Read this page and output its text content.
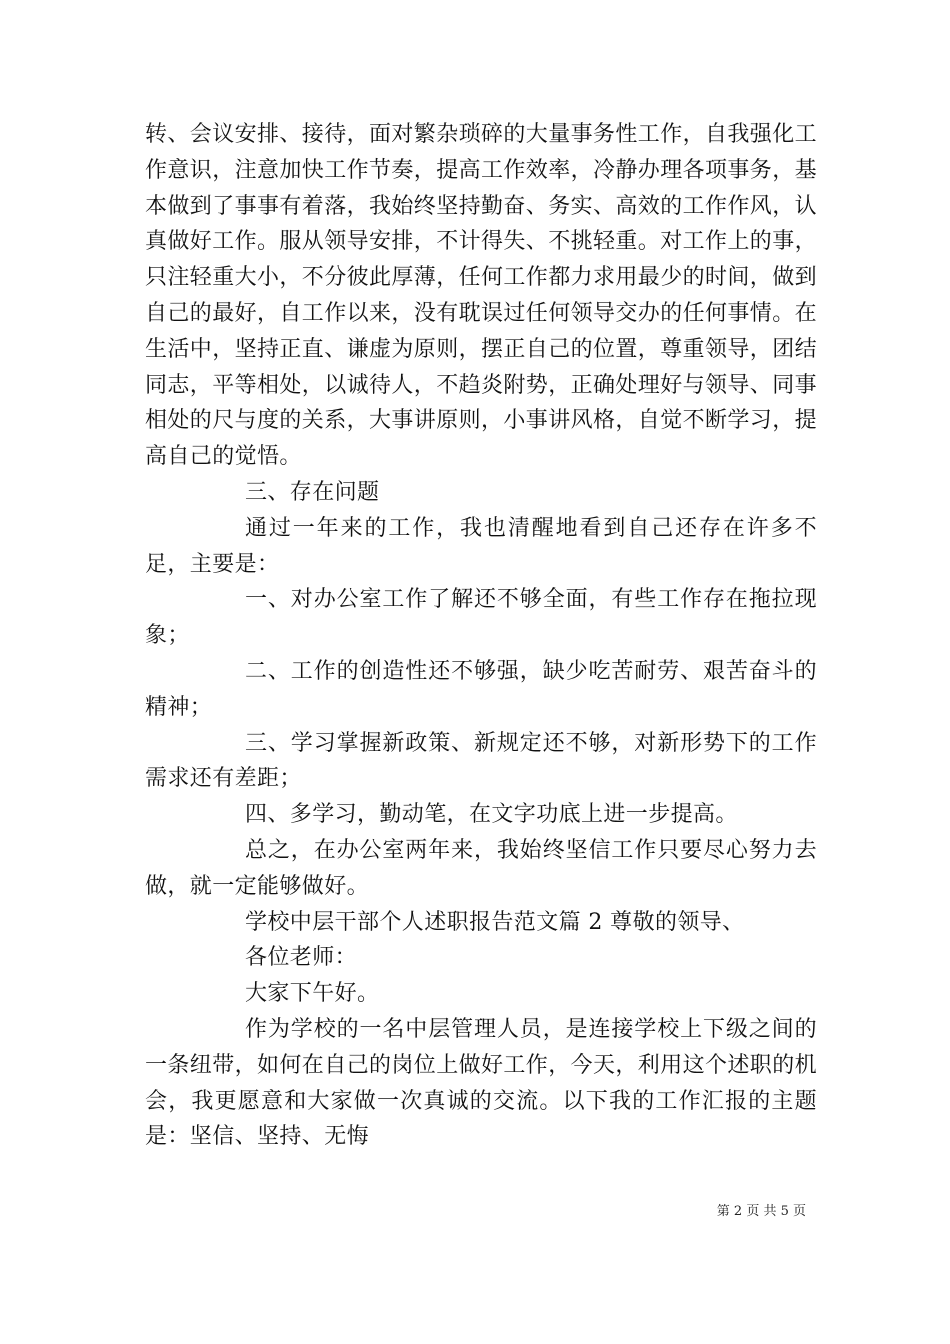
转、会议安排、接待，面对繁杂琐碎的大量事务性工作，自我强化工作意识，注意加快工作节奏，提高工作效率，冷静办理各项事务，基本做到了事事有着落，我始终坚持勤奋、务实、高效的工作作风，认真做好工作。服从领导安排，不计得失、不挑轻重。对工作上的事，只注轻重大小，不分彼此厚薄，任何工作都力求用最少的时间，做到自己的最好，自工作以来，没有耽误过任何领导交办的任何事情。在生活中，坚持正直、谦虚为原则，摆正自己的位置，尊重领导，团结同志，平等相处，以诚待人，不趋炎附势，正确处理好与领导、同事相处的尺与度的关系，大事讲原则，小事讲风格，自觉不断学习，提高自己的觉悟。

三、存在问题

通过一年来的工作，我也清醒地看到自己还存在许多不足，主要是：

一、对办公室工作了解还不够全面，有些工作存在拖拉现象；

二、工作的创造性还不够强，缺少吃苦耐劳、艰苦奋斗的精神；

三、学习掌握新政策、新规定还不够，对新形势下的工作需求还有差距；

四、多学习，勤动笔，在文字功底上进一步提高。

总之，在办公室两年来，我始终坚信工作只要尽心努力去做，就一定能够做好。

学校中层干部个人述职报告范文篇 2 尊敬的领导、

各位老师：

大家下午好。

作为学校的一名中层管理人员，是连接学校上下级之间的一条纽带，如何在自己的岗位上做好工作，今天，利用这个述职的机会，我更愿意和大家做一次真诚的交流。以下我的工作汇报的主题是：坚信、坚持、无悔

第 2 页 共 5 页
